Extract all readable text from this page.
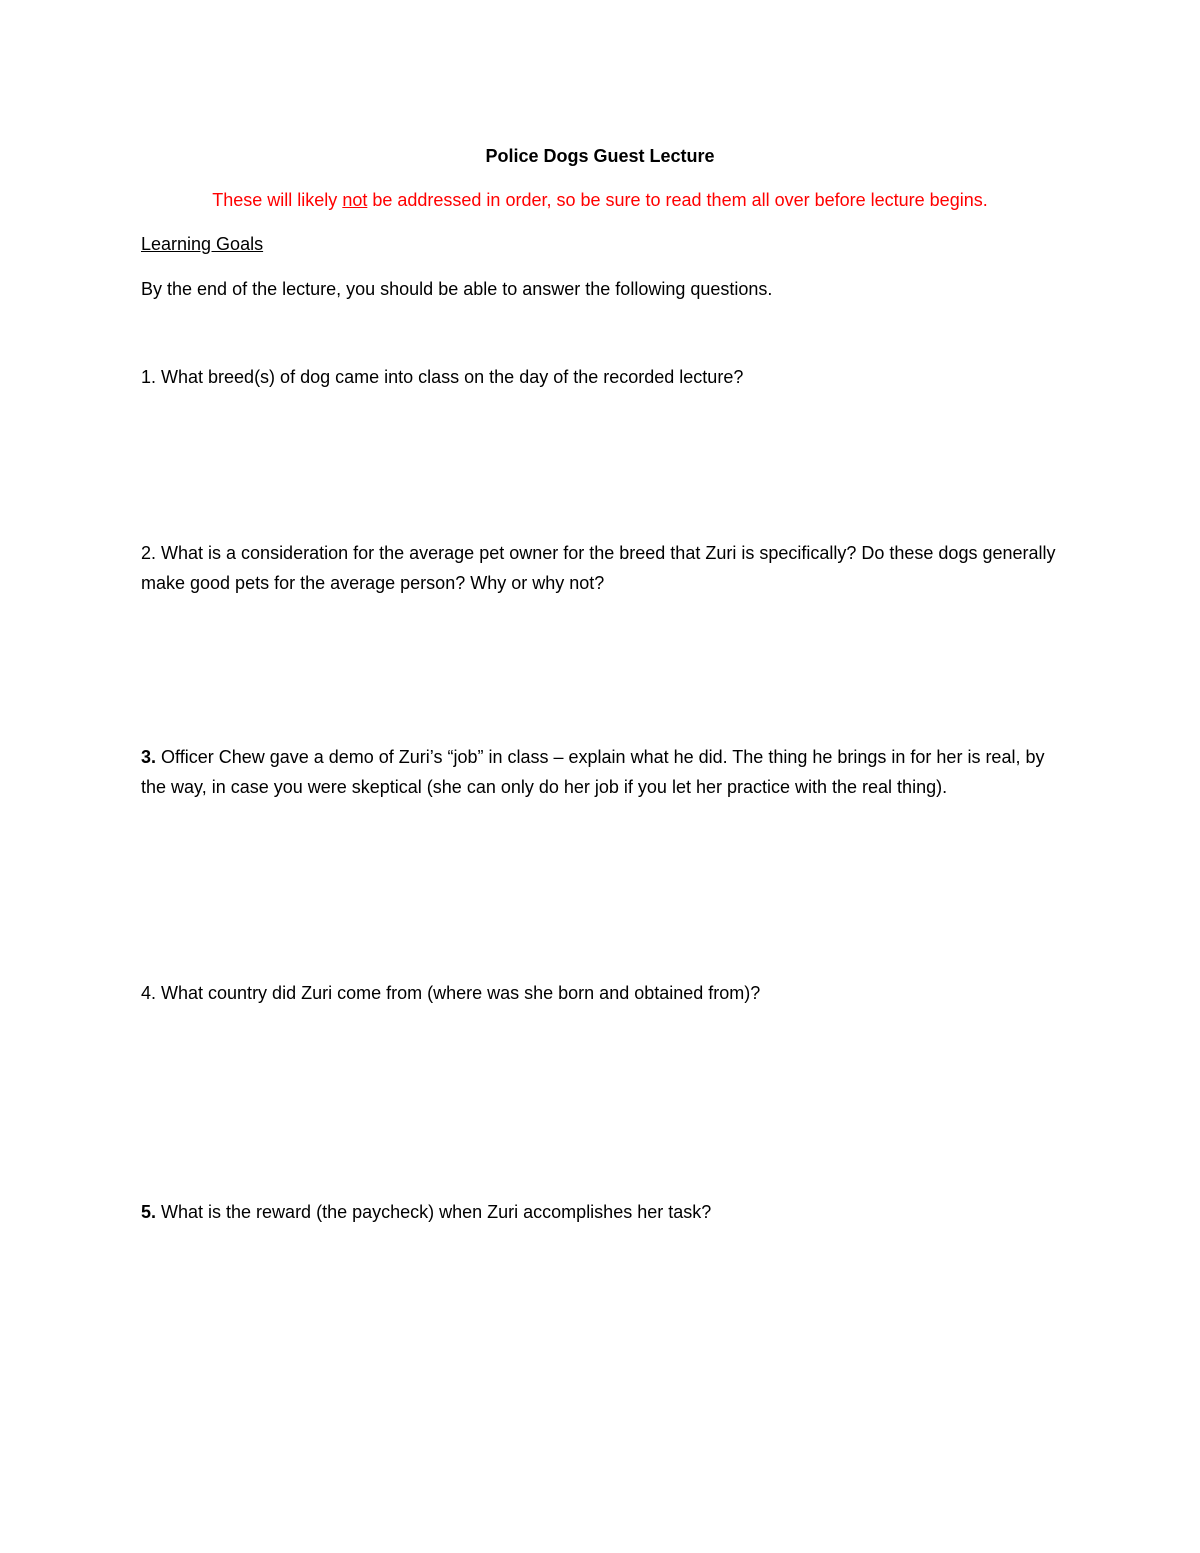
Police Dogs Guest Lecture
These will likely not be addressed in order, so be sure to read them all over before lecture begins.
Learning Goals
By the end of the lecture, you should be able to answer the following questions.
1. What breed(s) of dog came into class on the day of the recorded lecture?
2. What is a consideration for the average pet owner for the breed that Zuri is specifically? Do these dogs generally make good pets for the average person? Why or why not?
3. Officer Chew gave a demo of Zuri’s “job” in class – explain what he did. The thing he brings in for her is real, by the way, in case you were skeptical (she can only do her job if you let her practice with the real thing).
4. What country did Zuri come from (where was she born and obtained from)?
5. What is the reward (the paycheck) when Zuri accomplishes her task?
